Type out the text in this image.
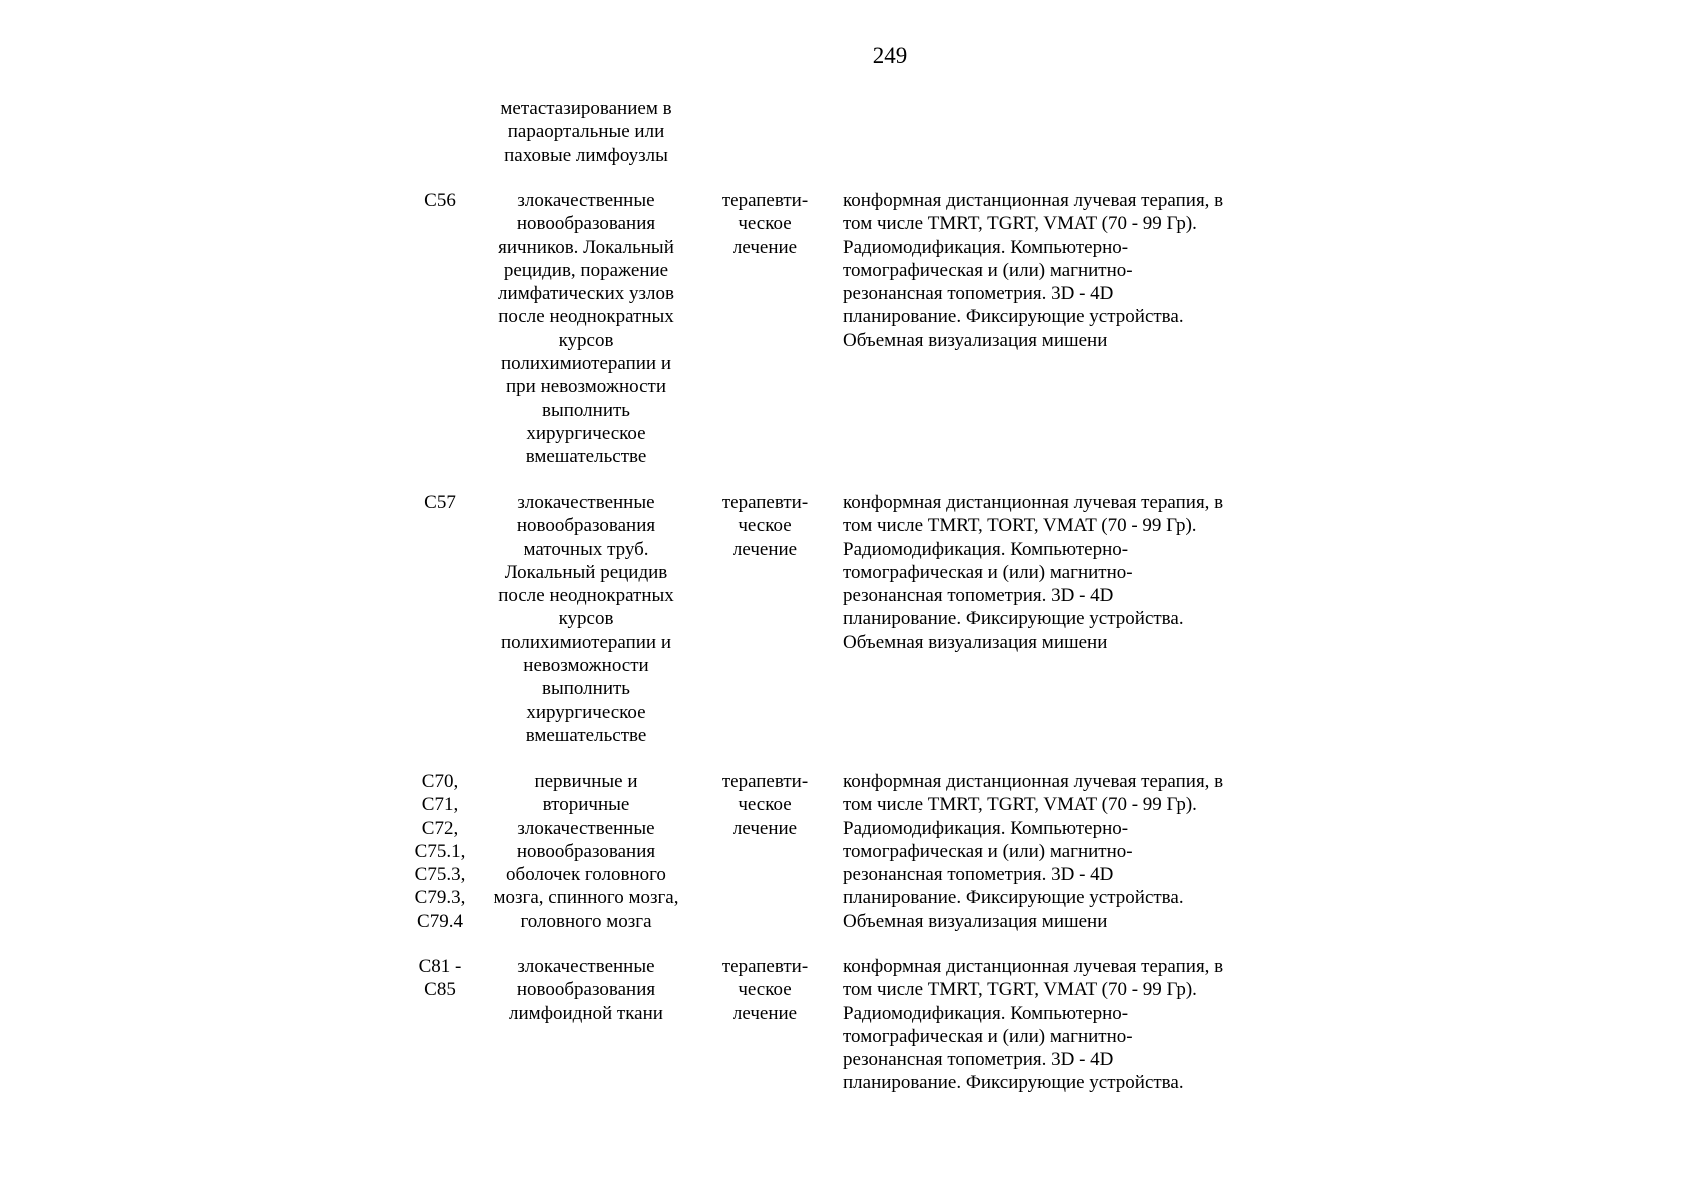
249
метастазированием в
параортальные или
паховые лимфоузлы
C56	злокачественные
новообразования
яичников. Локальный
рецидив, поражение
лимфатических узлов
после неоднократных
курсов
полихимиотерапии и
при невозможности
выполнить
хирургическое
вмешательстве
терапевти-
ческое
лечение
конформная дистанционная лучевая терапия, в
том числе TMRT, TGRT, VMAT (70 - 99 Гр).
Радиомодификация. Компьютерно-
томографическая и (или) магнитно-
резонансная топометрия. 3D - 4D
планирование. Фиксирующие устройства.
Объемная визуализация мишени
C57	злокачественные
новообразования
маточных труб.
Локальный рецидив
после неоднократных
курсов
полихимиотерапии и
невозможности
выполнить
хирургическое
вмешательстве
терапевти-
ческое
лечение
конформная дистанционная лучевая терапия, в
том числе TMRT, TORT, VMAT (70 - 99 Гр).
Радиомодификация. Компьютерно-
томографическая и (или) магнитно-
резонансная топометрия. 3D - 4D
планирование. Фиксирующие устройства.
Объемная визуализация мишени
C70,
C71,
C72,
C75.1,
C75.3,
C79.3,
C79.4
первичные и
вторичные
злокачественные
новообразования
оболочек головного
мозга, спинного мозга,
головного мозга
терапевти-
ческое
лечение
конформная дистанционная лучевая терапия, в
том числе TMRT, TGRT, VMAT (70 - 99 Гр).
Радиомодификация. Компьютерно-
томографическая и (или) магнитно-
резонансная топометрия. 3D - 4D
планирование. Фиксирующие устройства.
Объемная визуализация мишени
C81 -
C85
злокачественные
новообразования
лимфоидной ткани
терапевти-
ческое
лечение
конформная дистанционная лучевая терапия, в
том числе TMRT, TGRT, VMAT (70 - 99 Гр).
Радиомодификация. Компьютерно-
томографическая и (или) магнитно-
резонансная топометрия. 3D - 4D
планирование. Фиксирующие устройства.
